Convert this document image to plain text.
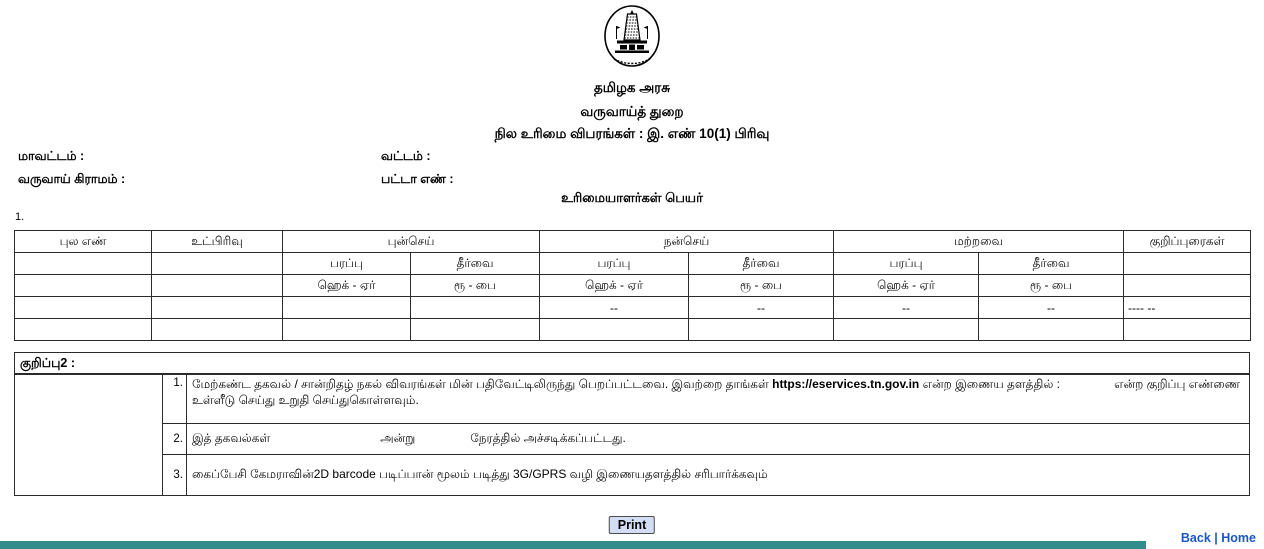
தமிழக அரசு
வருவாய்த் துறை
நில உரிமை விபரங்கள் : இ. எண் 10(1) பிரிவு
மாவட்டம் :	வட்டம் :
வருவாய் கிராமம் :	பட்டா எண் :
உரிமையாளர்கள் பெயர்
1.
புல எண்	உட்பிரிவு	புன்செய்		நன்செய்		மற்றவை		குறிப்புரைகள்
		பரப்பு	தீர்வை	பரப்பு	தீர்வை	பரப்பு	தீர்வை	
		ஹெக் - ஏர்	ரூ - பை	ஹெக் - ஏர்	ரூ - பை	ஹெக் - ஏர்	ரூ - பை	
				--	--	--	--	---- --

குறிப்பு2 :
	1.	மேற்கண்ட தகவல் / சான்றிதழ் நகல் விவரங்கள் மின் பதிவேட்டிலிருந்து பெறப்பட்டவை. இவற்றை தாங்கள் https://eservices.tn.gov.in என்ற இணைய தளத்தில் : என்ற குறிப்பு எண்ணை
உள்ளீடு செய்து உறுதி செய்துகொள்ளவும்.

	2.	இத் தகவல்கள் அன்று நேரத்தில் அச்சடிக்கப்பட்டது.
	3.	கைப்பேசி கேமராவின்2D barcode படிப்பான் மூலம் படித்து 3G/GPRS வழி இணையதளத்தில் சரிபார்க்கவும்
Print
Back | Home
